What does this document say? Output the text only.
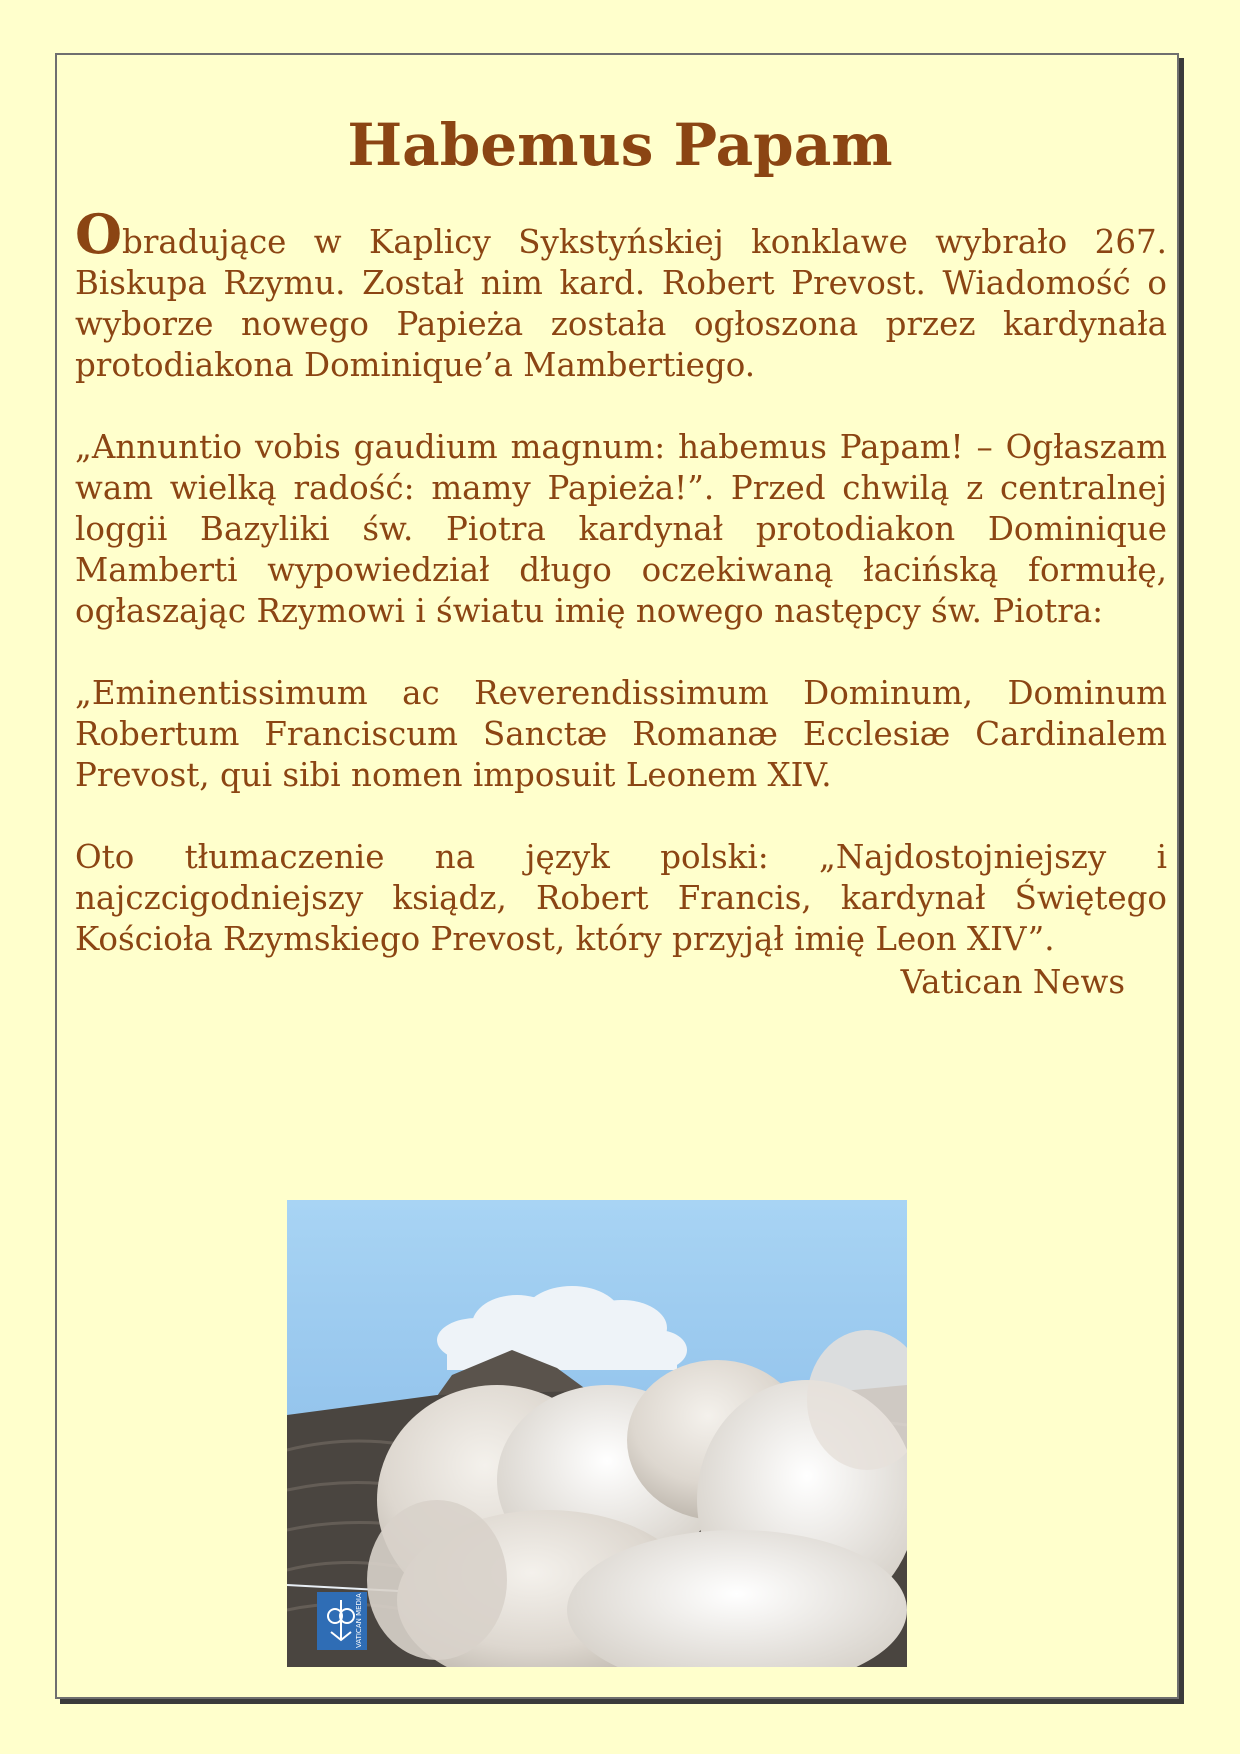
Habemus Papam

Obradujące w Kaplicy Sykstyńskiej konklawe wybrało 267. Biskupa Rzymu. Został nim kard. Robert Prevost. Wiadomość o wyborze nowego Papieża została ogłoszona przez kardynała protodiakona Dominique’a Mambertiego.

„Annuntio vobis gaudium magnum: habemus Papam! – Ogłaszam wam wielką radość: mamy Papieża!”. Przed chwilą z centralnej loggii Bazyliki św. Piotra kardynał protodiakon Dominique Mamberti wypowiedział długo oczekiwaną łacińską formułę, ogłaszając Rzymowi i światu imię nowego następcy św. Piotra:

„Eminentissimum ac Reverendissimum Dominum, Dominum Robertum Franciscum Sanctæ Romanæ Ecclesiæ Cardinalem Prevost, qui sibi nomen imposuit Leonem XIV.

Oto tłumaczenie na język polski: „Najdostojniejszy i najczcigodniejszy ksiądz, Robert Francis, kardynał Świętego Kościoła Rzymskiego Prevost, który przyjął imię Leon XIV”.

Vatican News
VATICAN MEDIA
